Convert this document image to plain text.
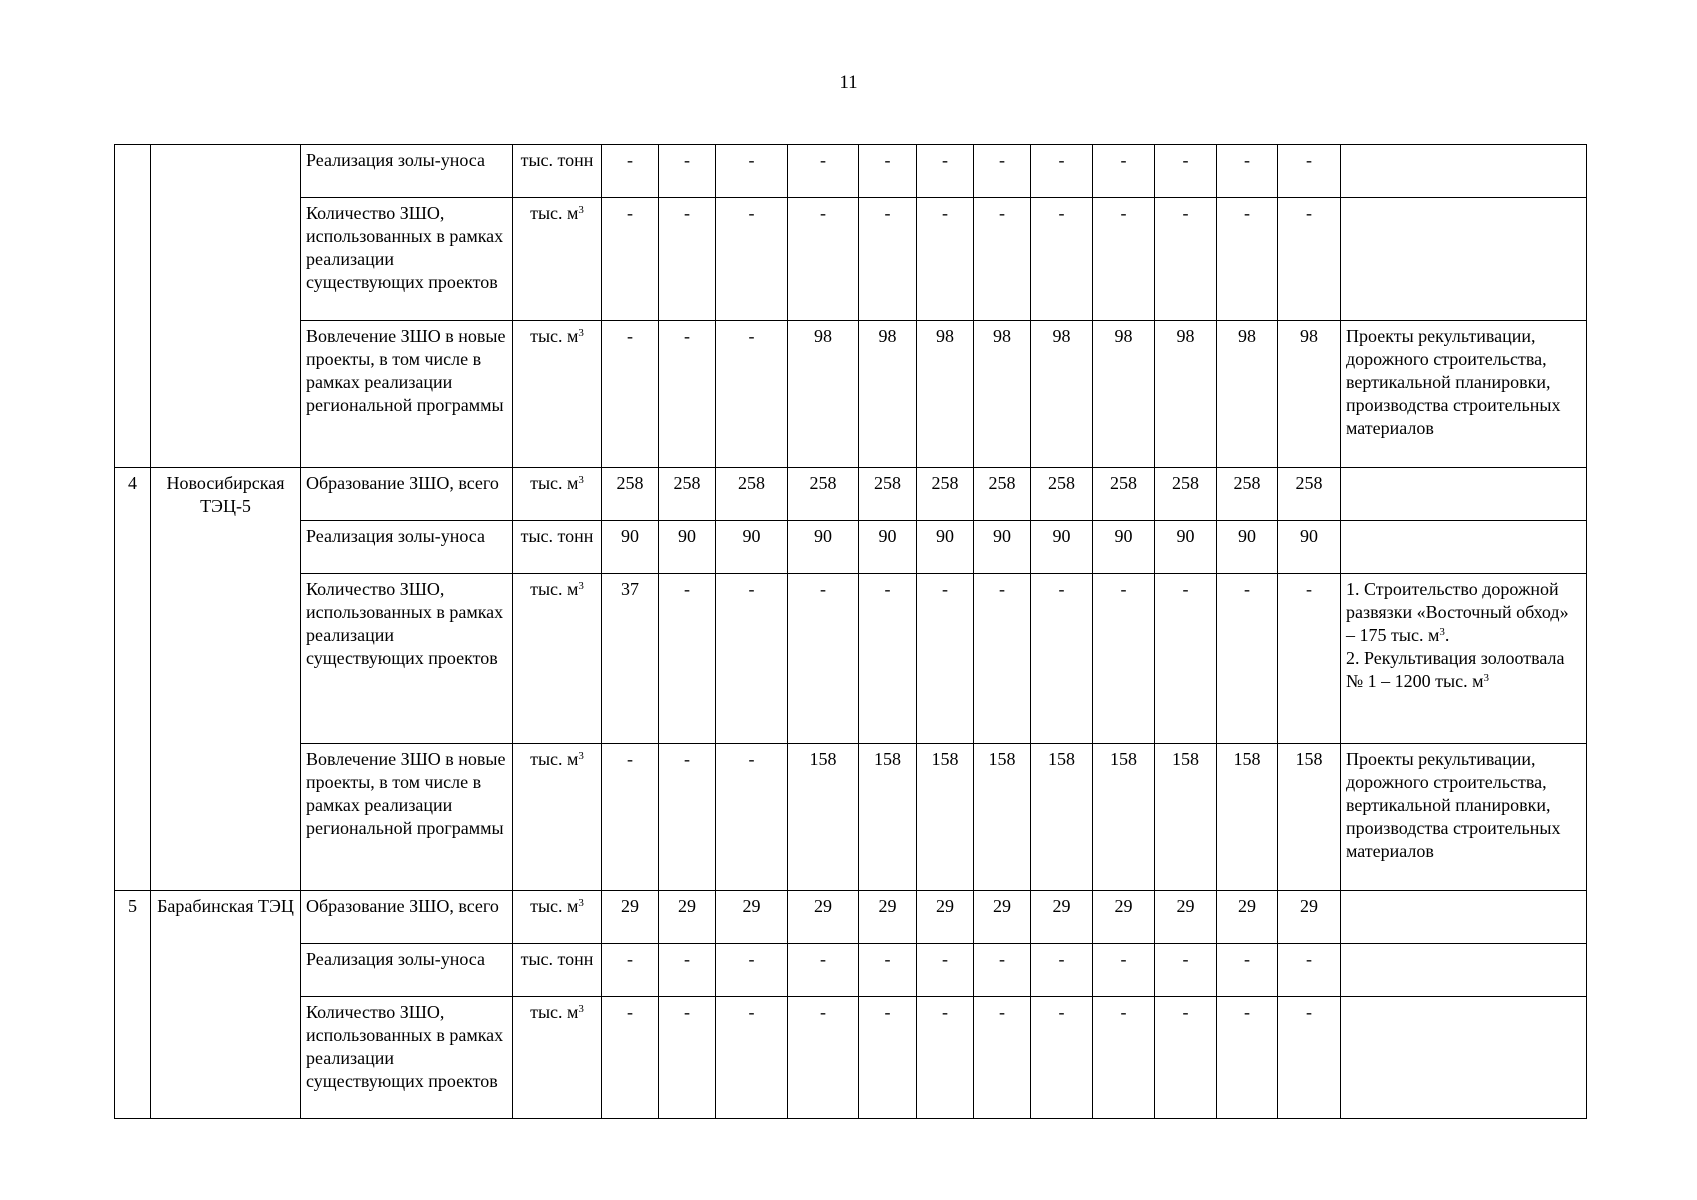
11
		Реализация золы-уноса	тыс. тонн	-	-	-	-	-	-	-	-	-	-	-	-	
		Количество ЗШО, использованных в рамках реализации существующих проектов	тыс. $м^3$	-	-	-	-	-	-	-	-	-	-	-	-	
		Вовлечение ЗШО в новые проекты, в том числе в рамках реализации региональной программы	тыс. $м^3$	-	-	-	98	98	98	98	98	98	98	98	98	Проекты рекультивации, дорожного строительства, вертикальной планировки, производства строительных материалов

4	Новосибирская ТЭЦ-5	Образование ЗШО, всего	тыс. $м^3$	258	258	258	258	258	258	258	258	258	258	258	258	
		Реализация золы-уноса	тыс. тонн	90	90	90	90	90	90	90	90	90	90	90	90	
		Количество ЗШО, использованных в рамках реализации существующих проектов	тыс. $м^3$	37	-	-	-	-	-	-	-	-	-	-	-	1. Строительство дорожной развязки «Восточный обход» – 175 тыс. $м^3$.
2. Рекультивация золоотвала № 1 – 1200 тыс. $м^3$

		Вовлечение ЗШО в новые проекты, в том числе в рамках реализации региональной программы	тыс. $м^3$	-	-	-	158	158	158	158	158	158	158	158	158	Проекты рекультивации, дорожного строительства, вертикальной планировки, производства строительных материалов

5	Барабинская ТЭЦ	Образование ЗШО, всего	тыс. $м^3$	29	29	29	29	29	29	29	29	29	29	29	29	
		Реализация золы-уноса	тыс. тонн	-	-	-	-	-	-	-	-	-	-	-	-	
		Количество ЗШО, использованных в рамках реализации существующих проектов	тыс. $м^3$	-	-	-	-	-	-	-	-	-	-	-	-	
